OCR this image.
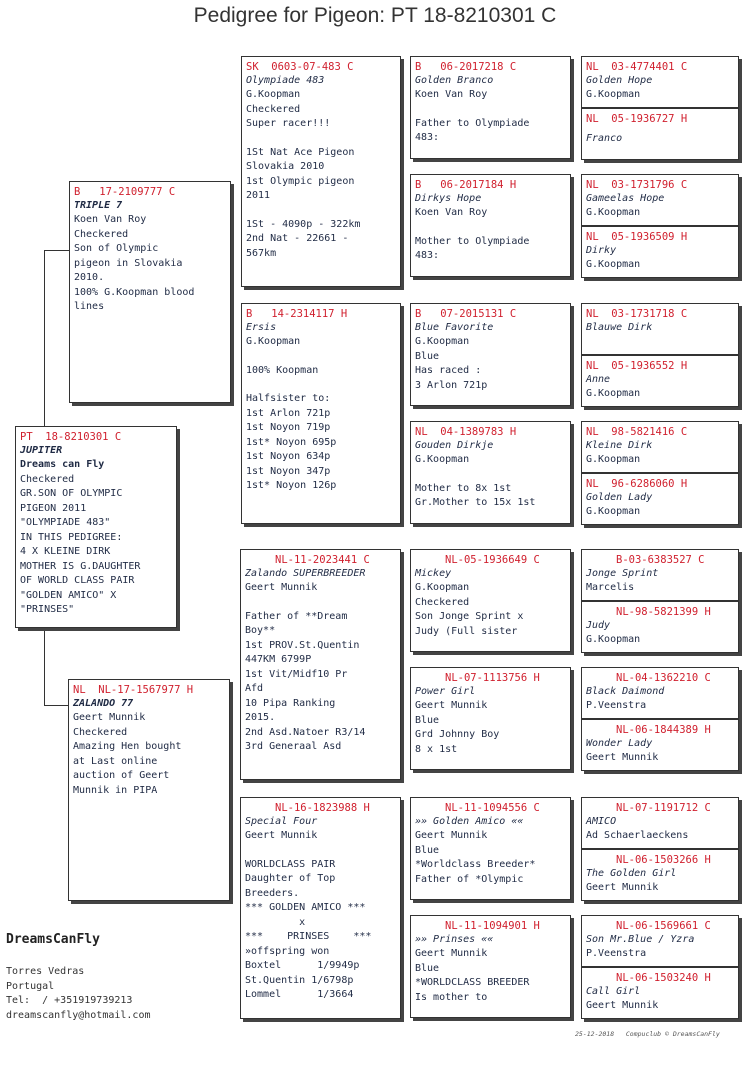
Pedigree for Pigeon: PT 18-8210301 C
PT  18-8210301 C
JUPITER
Dreams can Fly
Checkered
GR.SON OF OLYMPIC
PIGEON 2011
"OLYMPIADE 483"
IN THIS PEDIGREE:
4 X KLEINE DIRK
MOTHER IS G.DAUGHTER
OF WORLD CLASS PAIR
"GOLDEN AMICO" X
"PRINSES"
B   17-2109777 C
TRIPLE 7
Koen Van Roy
Checkered
Son of Olympic
pigeon in Slovakia
2010.
100% G.Koopman blood
lines
NL  NL-17-1567977 H
ZALANDO 77
Geert Munnik
Checkered
Amazing Hen bought
at Last online
auction of Geert
Munnik in PIPA
SK  0603-07-483 C
Olympiade 483
G.Koopman
Checkered
Super racer!!!
1St Nat Ace Pigeon
Slovakia 2010
1st Olympic pigeon
2011
1St - 4090p - 322km
2nd Nat - 22661 -
567km
B   14-2314117 H
Ersis
G.Koopman
100% Koopman
Halfsister to:
1st Arlon 721p
1st Noyon 719p
1st* Noyon 695p
1st Noyon 634p
1st Noyon 347p
1st* Noyon 126p
NL-11-2023441 C
Zalando SUPERBREEDER
Geert Munnik
Father of **Dream
Boy**
1st PROV.St.Quentin
447KM 6799P
1st Vit/Midf10 Pr
Afd
10 Pipa Ranking
2015.
2nd Asd.Natoer R3/14
3rd Generaal Asd
NL-16-1823988 H
Special Four
Geert Munnik
WORLDCLASS PAIR
Daughter of Top
Breeders.
*** GOLDEN AMICO ***
x
***    PRINSES    ***
»offspring won
Boxtel      1/9949p
St.Quentin 1/6798p
Lommel      1/3664
B   06-2017218 C
Golden Branco
Koen Van Roy
Father to Olympiade
483:
B   06-2017184 H
Dirkys Hope
Koen Van Roy
Mother to Olympiade
483:
B   07-2015131 C
Blue Favorite
G.Koopman
Blue
Has raced :
3 Arlon 721p
NL  04-1389783 H
Gouden Dirkje
G.Koopman
Mother to 8x 1st
Gr.Mother to 15x 1st
NL-05-1936649 C
Mickey
G.Koopman
Checkered
Son Jonge Sprint x
Judy (Full sister
NL-07-1113756 H
Power Girl
Geert Munnik
Blue
Grd Johnny Boy
8 x 1st
NL-11-1094556 C
»» Golden Amico ««
Geert Munnik
Blue
*Worldclass Breeder*
Father of *Olympic
NL-11-1094901 H
»» Prinses ««
Geert Munnik
Blue
*WORLDCLASS BREEDER
Is mother to
NL  03-4774401 C
Golden Hope
G.Koopman
NL  05-1936727 H
Franco
NL  03-1731796 C
Gameelas Hope
G.Koopman
NL  05-1936509 H
Dirky
G.Koopman
NL  03-1731718 C
Blauwe Dirk
NL  05-1936552 H
Anne
G.Koopman
NL  98-5821416 C
Kleine Dirk
G.Koopman
NL  96-6286060 H
Golden Lady
G.Koopman
B-03-6383527 C
Jonge Sprint
Marcelis
NL-98-5821399 H
Judy
G.Koopman
NL-04-1362210 C
Black Daimond
P.Veenstra
NL-06-1844389 H
Wonder Lady
Geert Munnik
NL-07-1191712 C
AMICO
Ad Schaerlaeckens
NL-06-1503266 H
The Golden Girl
Geert Munnik
NL-06-1569661 C
Son Mr.Blue / Yzra
P.Veenstra
NL-06-1503240 H
Call Girl
Geert Munnik
DreamsCanFly
Torres Vedras
Portugal
Tel:  / +351919739213
dreamscanfly@hotmail.com
25-12-2018   Compuclub © DreamsCanFly
